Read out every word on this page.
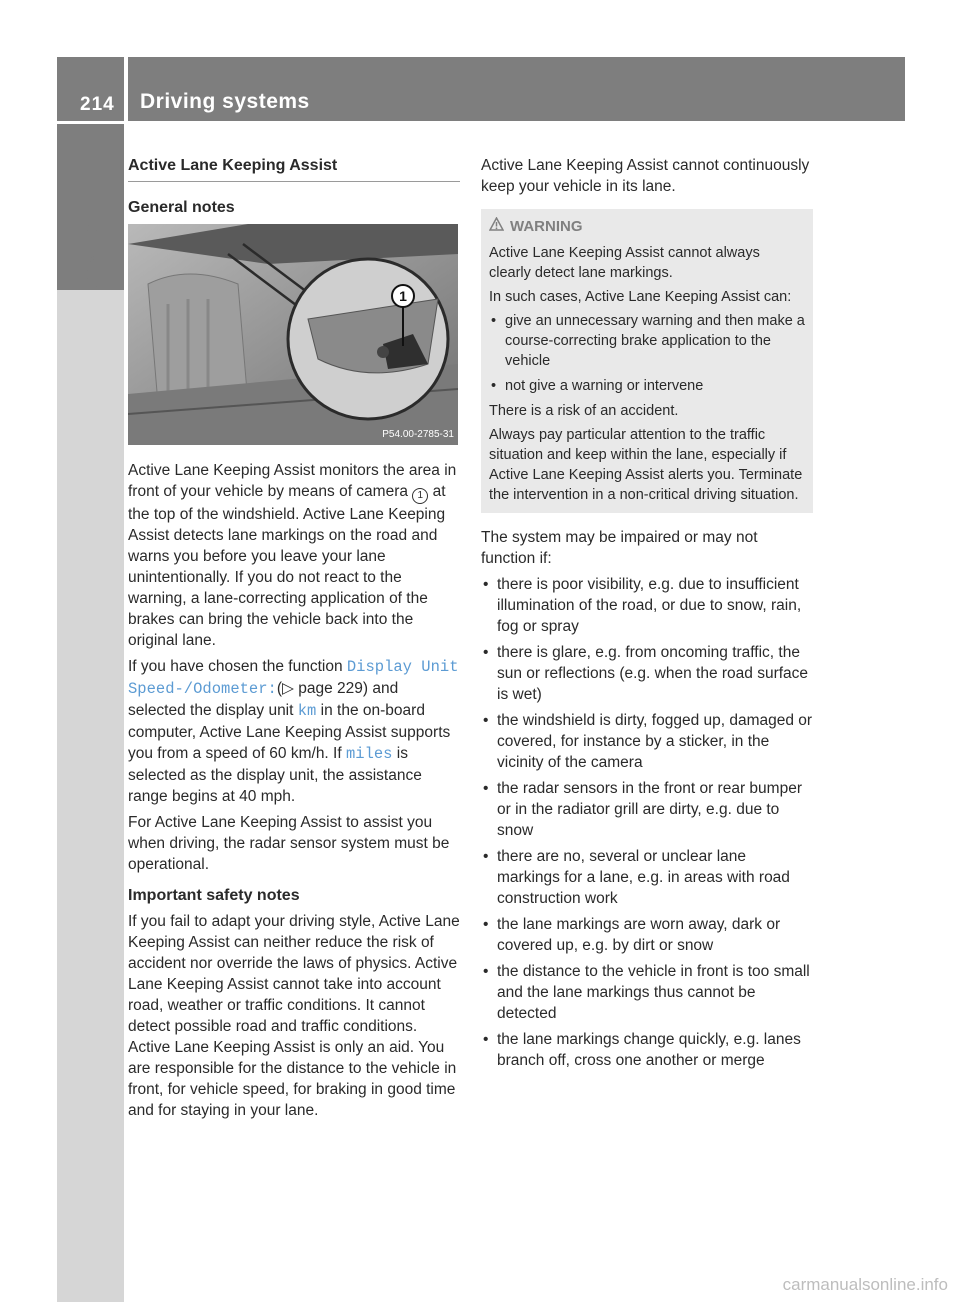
214 Driving systems

Active Lane Keeping Assist

General notes

1
P54.00-2785-31

Active Lane Keeping Assist monitors the area in front of your vehicle by means of camera 1 at the top of the windshield. Active Lane Keeping Assist detects lane markings on the road and warns you before you leave your lane unintentionally. If you do not react to the warning, a lane-correcting application of the brakes can bring the vehicle back into the original lane.

If you have chosen the function Display Unit Speed-/Odometer:(▷ page 229) and selected the display unit km in the on-board computer, Active Lane Keeping Assist supports you from a speed of 60 km/h. If miles is selected as the display unit, the assistance range begins at 40 mph.

For Active Lane Keeping Assist to assist you when driving, the radar sensor system must be operational.

Important safety notes

If you fail to adapt your driving style, Active Lane Keeping Assist can neither reduce the risk of accident nor override the laws of physics. Active Lane Keeping Assist cannot take into account road, weather or traffic conditions. It cannot detect possible road and traffic conditions. Active Lane Keeping Assist is only an aid. You are responsible for the distance to the vehicle in front, for vehicle speed, for braking in good time and for staying in your lane.

Active Lane Keeping Assist cannot continuously keep your vehicle in its lane.

WARNING

Active Lane Keeping Assist cannot always clearly detect lane markings.

In such cases, Active Lane Keeping Assist can:

• give an unnecessary warning and then make a course-correcting brake application to the vehicle
• not give a warning or intervene

There is a risk of an accident.

Always pay particular attention to the traffic situation and keep within the lane, especially if Active Lane Keeping Assist alerts you. Terminate the intervention in a non-critical driving situation.

The system may be impaired or may not function if:

• there is poor visibility, e.g. due to insufficient illumination of the road, or due to snow, rain, fog or spray
• there is glare, e.g. from oncoming traffic, the sun or reflections (e.g. when the road surface is wet)
• the windshield is dirty, fogged up, damaged or covered, for instance by a sticker, in the vicinity of the camera
• the radar sensors in the front or rear bumper or in the radiator grill are dirty, e.g. due to snow
• there are no, several or unclear lane markings for a lane, e.g. in areas with road construction work
• the lane markings are worn away, dark or covered up, e.g. by dirt or snow
• the distance to the vehicle in front is too small and the lane markings thus cannot be detected
• the lane markings change quickly, e.g. lanes branch off, cross one another or merge
carmanualsonline.info
